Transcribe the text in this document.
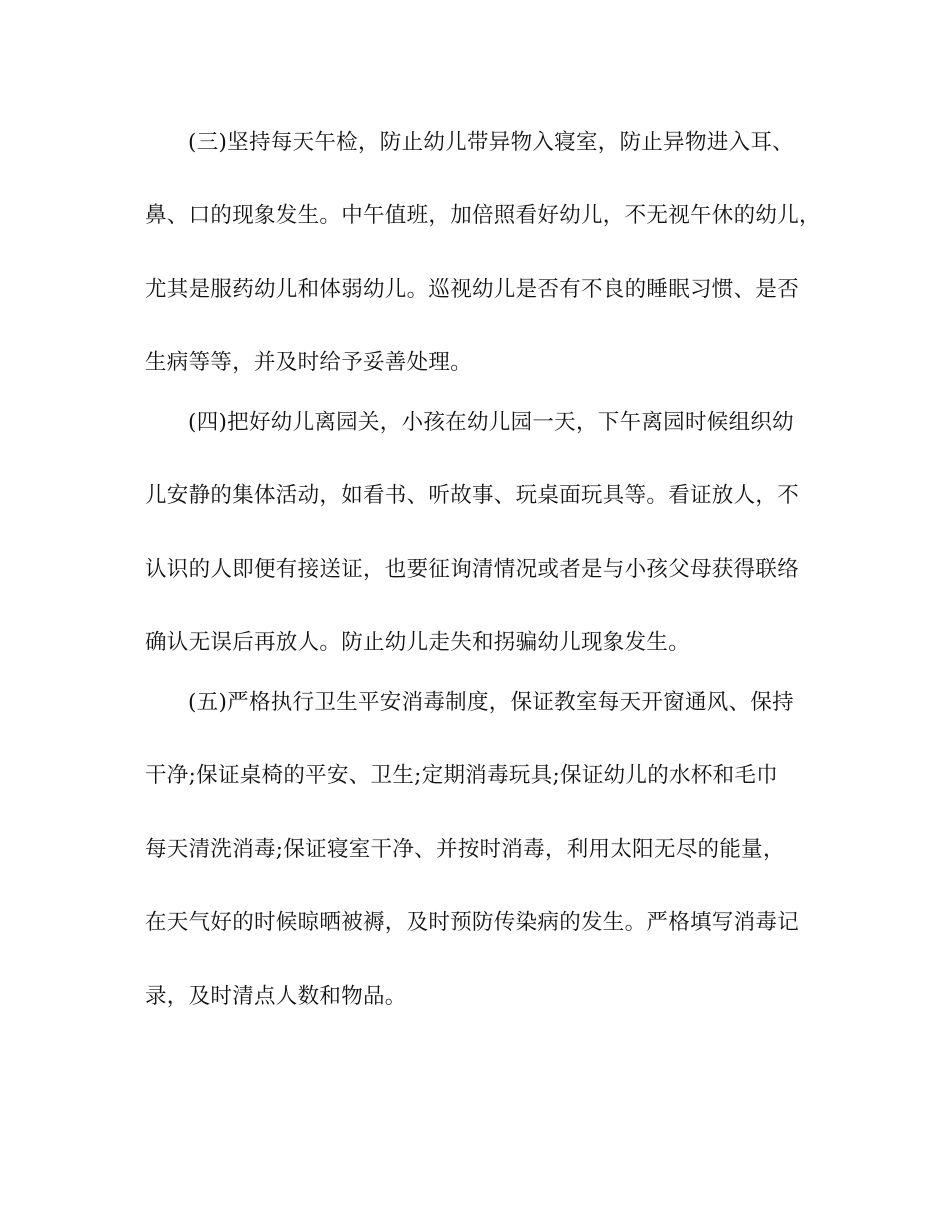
(三)坚持每天午检，防止幼儿带异物入寝室，防止异物进入耳、
鼻、口的现象发生。中午值班，加倍照看好幼儿，不无视午休的幼儿，
尤其是服药幼儿和体弱幼儿。巡视幼儿是否有不良的睡眠习惯、是否
生病等等，并及时给予妥善处理。
(四)把好幼儿离园关，小孩在幼儿园一天，下午离园时候组织幼
儿安静的集体活动，如看书、听故事、玩桌面玩具等。看证放人，不
认识的人即便有接送证，也要征询清情况或者是与小孩父母获得联络
确认无误后再放人。防止幼儿走失和拐骗幼儿现象发生。
(五)严格执行卫生平安消毒制度，保证教室每天开窗通风、保持
干净;保证桌椅的平安、卫生;定期消毒玩具;保证幼儿的水杯和毛巾
每天清洗消毒;保证寝室干净、并按时消毒，利用太阳无尽的能量，
在天气好的时候晾晒被褥，及时预防传染病的发生。严格填写消毒记
录，及时清点人数和物品。
